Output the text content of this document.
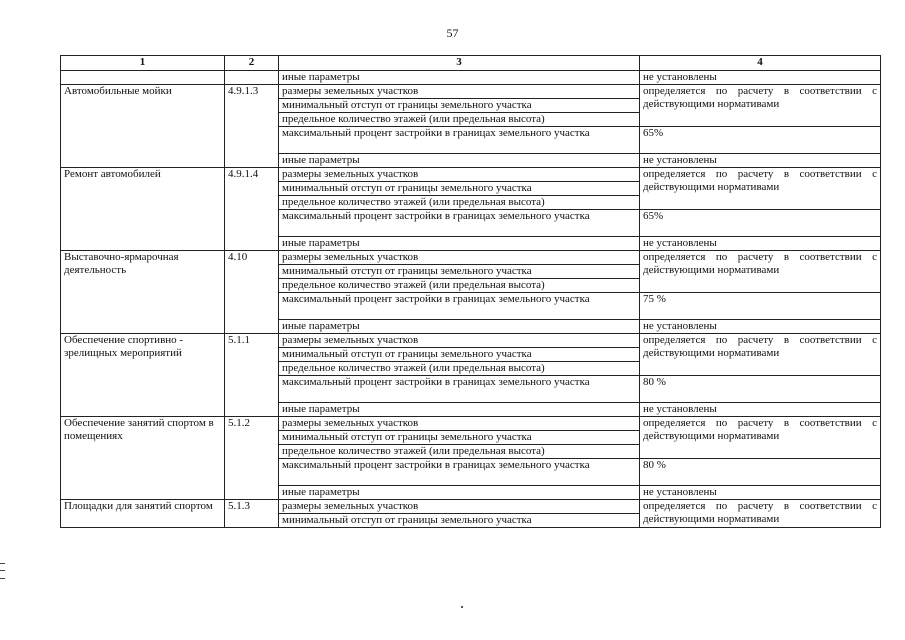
57
1	2	3	4
		иные параметры	не установлены
Автомобильные мойки	4.9.1.3	размеры земельных участков	определяется по расчету в соответствии с действующими нормативами
		минимальный отступ от границы земельного участка	
		предельное количество этажей (или предельная высота)	
		максимальный процент застройки в границах земельного участка	65%
		иные параметры	не установлены
Ремонт автомобилей	4.9.1.4	размеры земельных участков	определяется по расчету в соответствии с действующими нормативами
		минимальный отступ от границы земельного участка	
		предельное количество этажей (или предельная высота)	
		максимальный процент застройки в границах земельного участка	65%
		иные параметры	не установлены
Выставочно-ярмарочная деятельность	4.10	размеры земельных участков	определяется по расчету в соответствии с действующими нормативами
		минимальный отступ от границы земельного участка	
		предельное количество этажей (или предельная высота)	
		максимальный процент застройки в границах земельного участка	75 %
		иные параметры	не установлены
Обеспечение спортивно - зрелищных мероприятий	5.1.1	размеры земельных участков	определяется по расчету в соответствии с действующими нормативами
		минимальный отступ от границы земельного участка	
		предельное количество этажей (или предельная высота)	
		максимальный процент застройки в границах земельного участка	80 %
		иные параметры	не установлены
Обеспечение занятий спортом в помещениях	5.1.2	размеры земельных участков	определяется по расчету в соответствии с действующими нормативами
		минимальный отступ от границы земельного участка	
		предельное количество этажей (или предельная высота)	
		максимальный процент застройки в границах земельного участка	80 %
		иные параметры	не установлены
Площадки для занятий спортом	5.1.3	размеры земельных участков	определяется по расчету в соответствии с действующими нормативами
		минимальный отступ от границы земельного участка	
